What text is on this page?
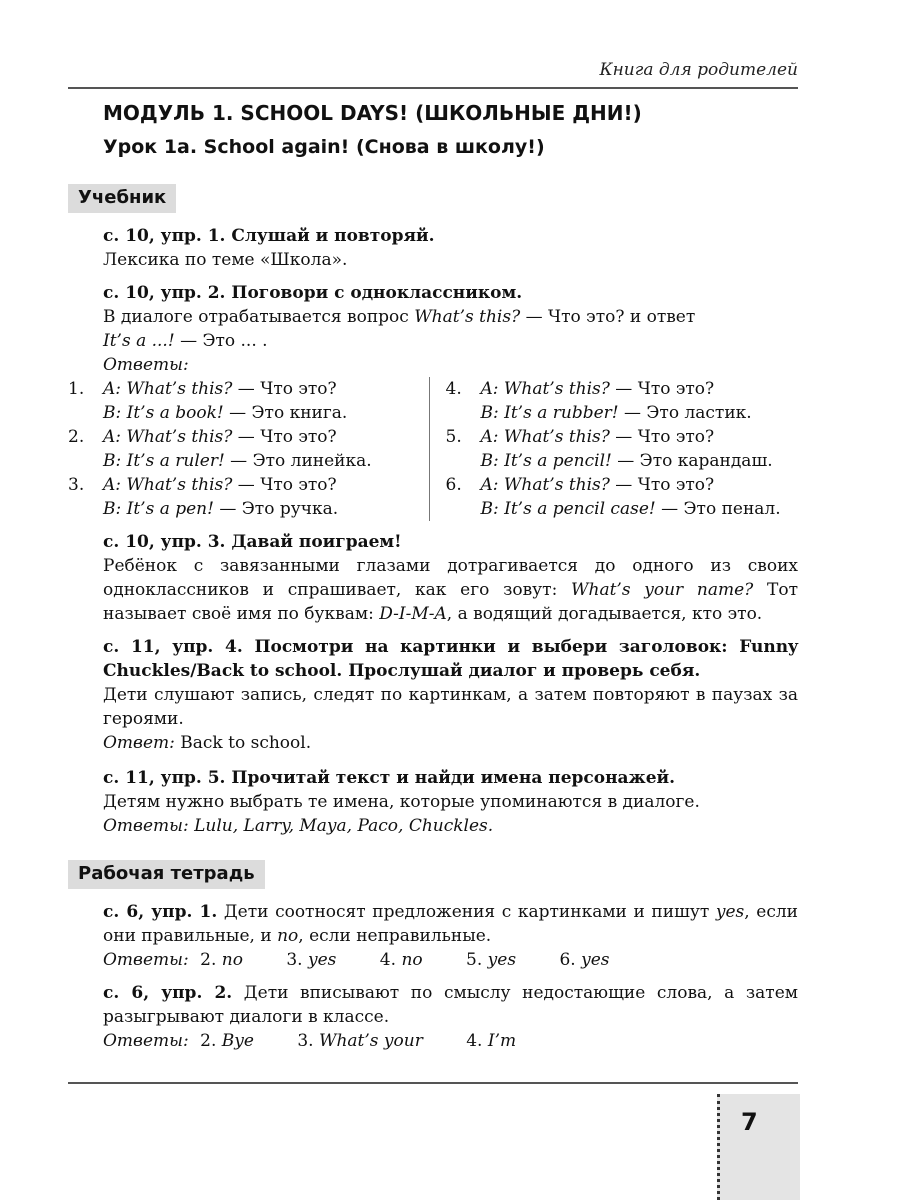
Книга для родителей
МОДУЛЬ 1. SCHOOL DAYS! (ШКОЛЬНЫЕ ДНИ!)
Урок 1a. School again! (Снова в школу!)
Учебник

с. 10, упр. 1. Слушай и повторяй.

Лексика по теме «Школа».

с. 10, упр. 2. Поговори с одноклассником.

В диалоге отрабатывается вопрос What’s this? — Что это? и ответ
It’s a ...! — Это ... .

Ответы:

1.	A: What’s this? — Что это?
B: It’s a book! — Это книга.
2.	A: What’s this? — Что это?
B: It’s a ruler! — Это линейка.
3.	A: What’s this? — Что это?
B: It’s a pen! — Это ручка.
4.	A: What’s this? — Что это?
B: It’s a rubber! — Это ластик.
5.	A: What’s this? — Что это?
B: It’s a pencil! — Это карандаш.
6.	A: What’s this? — Что это?
B: It’s a pencil case! — Это пенал.

с. 10, упр. 3. Давай поиграем!

Ребёнок с завязанными глазами дотрагивается до одного из своих одноклассников и спрашивает, как его зовут: What’s your name? Тот называет своё имя по буквам: D-I-M-A, а водящий догадывается, кто это.

с. 11, упр. 4. Посмотри на картинки и выбери заголовок: Funny Chuckles/Back to school. Прослушай диалог и проверь себя.

Дети слушают запись, следят по картинкам, а затем повторяют в паузах за героями.

Ответ: Back to school.

с. 11, упр. 5. Прочитай текст и найди имена персонажей.

Детям нужно выбрать те имена, которые упоминаются в диалоге.

Ответы: Lulu, Larry, Maya, Paco, Chuckles.

Рабочая тетрадь

с. 6, упр. 1. Дети соотносят предложения с картинками и пишут yes, если они правильные, и no, если неправильные.

Ответы: 2. no	3. yes	4. no	5. yes	6. yes

с. 6, упр. 2. Дети вписывают по смыслу недостающие слова, а затем разыгрывают диалоги в классе.

Ответы: 2. Bye	3. What’s your	4. I’m

7
